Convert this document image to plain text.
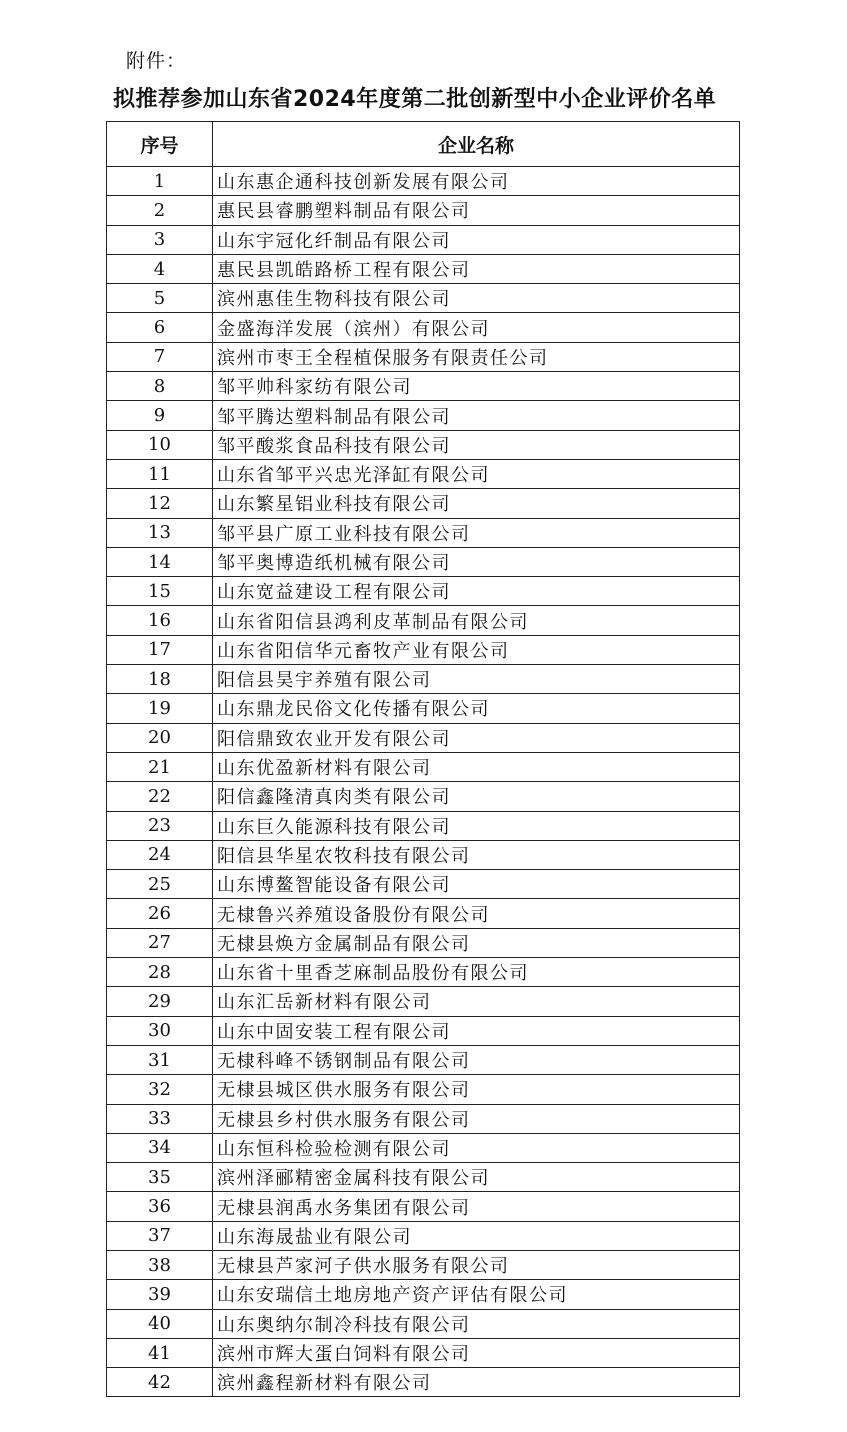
附件：
拟推荐参加山东省2024年度第二批创新型中小企业评价名单
序号	企业名称
1	山东惠企通科技创新发展有限公司
2	惠民县睿鹏塑料制品有限公司
3	山东宇冠化纤制品有限公司
4	惠民县凯皓路桥工程有限公司
5	滨州惠佳生物科技有限公司
6	金盛海洋发展（滨州）有限公司
7	滨州市枣王全程植保服务有限责任公司
8	邹平帅科家纺有限公司
9	邹平腾达塑料制品有限公司
10	邹平酸浆食品科技有限公司
11	山东省邹平兴忠光泽缸有限公司
12	山东繁星铝业科技有限公司
13	邹平县广原工业科技有限公司
14	邹平奥博造纸机械有限公司
15	山东宽益建设工程有限公司
16	山东省阳信县鸿利皮革制品有限公司
17	山东省阳信华元畜牧产业有限公司
18	阳信县昊宇养殖有限公司
19	山东鼎龙民俗文化传播有限公司
20	阳信鼎致农业开发有限公司
21	山东优盈新材料有限公司
22	阳信鑫隆清真肉类有限公司
23	山东巨久能源科技有限公司
24	阳信县华星农牧科技有限公司
25	山东博鳌智能设备有限公司
26	无棣鲁兴养殖设备股份有限公司
27	无棣县焕方金属制品有限公司
28	山东省十里香芝麻制品股份有限公司
29	山东汇岳新材料有限公司
30	山东中固安装工程有限公司
31	无棣科峰不锈钢制品有限公司
32	无棣县城区供水服务有限公司
33	无棣县乡村供水服务有限公司
34	山东恒科检验检测有限公司
35	滨州泽郦精密金属科技有限公司
36	无棣县润禹水务集团有限公司
37	山东海晟盐业有限公司
38	无棣县芦家河子供水服务有限公司
39	山东安瑞信土地房地产资产评估有限公司
40	山东奥纳尔制冷科技有限公司
41	滨州市辉大蛋白饲料有限公司
42	滨州鑫程新材料有限公司
